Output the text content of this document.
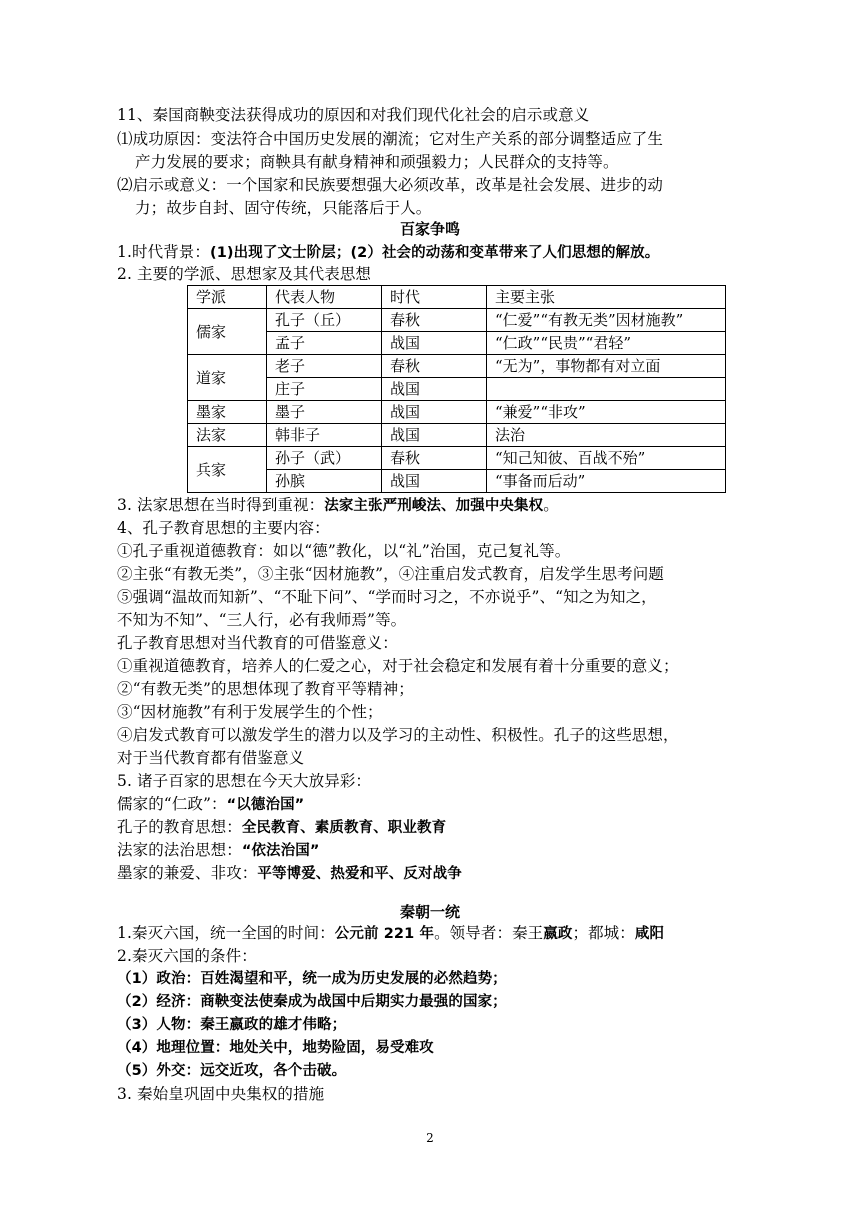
11、秦国商鞅变法获得成功的原因和对我们现代化社会的启示或意义
⑴成功原因：变法符合中国历史发展的潮流；它对生产关系的部分调整适应了生
产力发展的要求；商鞅具有献身精神和顽强毅力；人民群众的支持等。
⑵启示或意义：一个国家和民族要想强大必须改革，改革是社会发展、进步的动
力；故步自封、固守传统，只能落后于人。
百家争鸣
1.时代背景：(1)出现了文士阶层；(2）社会的动荡和变革带来了人们思想的解放。
2. 主要的学派、思想家及其代表思想
学派	代表人物	时代	主要主张
儒家	孔子（丘）	春秋	“仁爱”“有教无类”因材施教”
	孟子	战国	“仁政”“民贵”“君轻”
道家	老子	春秋	“无为”，事物都有对立面
	庄子	战国	
墨家	墨子	战国	“兼爱”“非攻”
法家	韩非子	战国	法治
兵家	孙子（武）	春秋	“知己知彼、百战不殆”
	孙膑	战国	“事备而后动”
3. 法家思想在当时得到重视：法家主张严刑峻法、加强中央集权。
4、孔子教育思想的主要内容：
①孔子重视道德教育：如以“德”教化，以“礼”治国，克己复礼等。
②主张“有教无类”，③主张“因材施教”，④注重启发式教育，启发学生思考问题
⑤强调“温故而知新”、“不耻下问”、“学而时习之，不亦说乎”、“知之为知之，
不知为不知”、“三人行，必有我师焉”等。
孔子教育思想对当代教育的可借鉴意义：
①重视道德教育，培养人的仁爱之心，对于社会稳定和发展有着十分重要的意义；
②“有教无类”的思想体现了教育平等精神；
③“因材施教”有利于发展学生的个性；
④启发式教育可以激发学生的潜力以及学习的主动性、积极性。孔子的这些思想，
对于当代教育都有借鉴意义
5. 诸子百家的思想在今天大放异彩：
儒家的“仁政”：“以德治国”
孔子的教育思想：全民教育、素质教育、职业教育
法家的法治思想：“依法治国”
墨家的兼爱、非攻：平等博爱、热爱和平、反对战争
秦朝一统
1.秦灭六国，统一全国的时间：公元前 221 年。领导者：秦王嬴政；都城：咸阳
2.秦灭六国的条件：
（1）政治：百姓渴望和平，统一成为历史发展的必然趋势；
（2）经济：商鞅变法使秦成为战国中后期实力最强的国家；
（3）人物：秦王嬴政的雄才伟略；
（4）地理位置：地处关中，地势险固，易受难攻
（5）外交：远交近攻，各个击破。
3. 秦始皇巩固中央集权的措施
2
